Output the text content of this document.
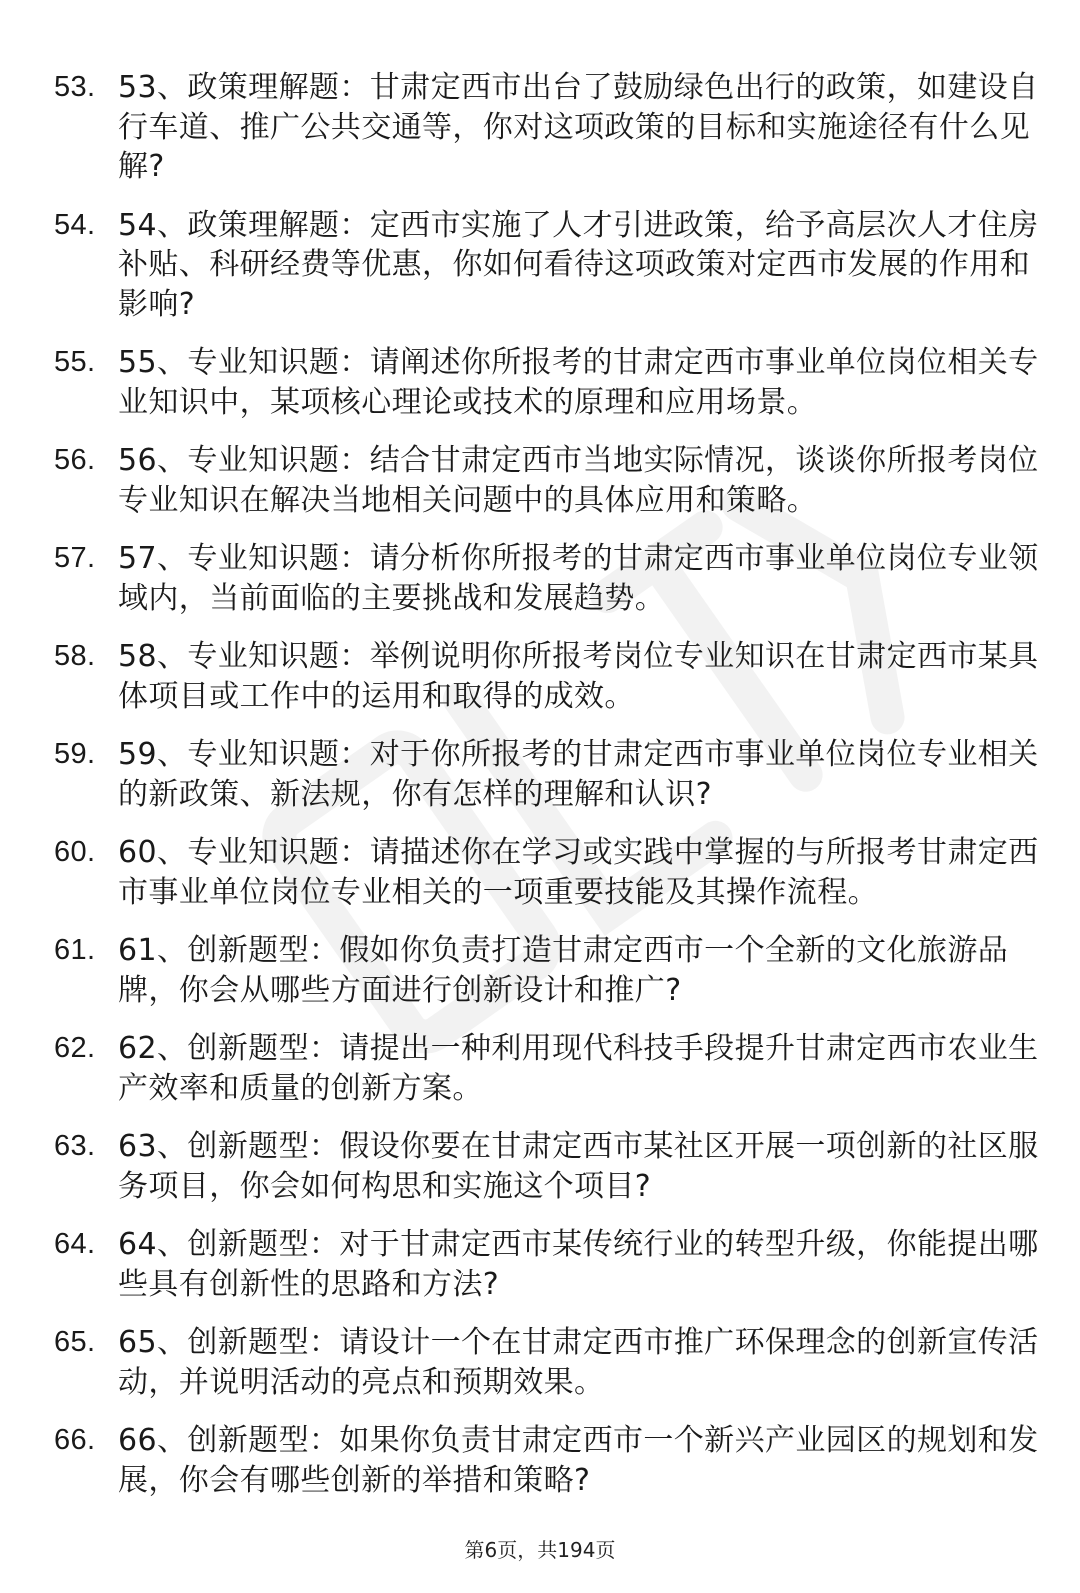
53. 53、政策理解题：甘肃定西市出台了鼓励绿色出行的政策，如建设自行车道、推广公共交通等，你对这项政策的目标和实施途径有什么见解?
54. 54、政策理解题：定西市实施了人才引进政策，给予高层次人才住房补贴、科研经费等优惠，你如何看待这项政策对定西市发展的作用和影响?
55. 55、专业知识题：请阐述你所报考的甘肃定西市事业单位岗位相关专业知识中，某项核心理论或技术的原理和应用场景。
56. 56、专业知识题：结合甘肃定西市当地实际情况，谈谈你所报考岗位专业知识在解决当地相关问题中的具体应用和策略。
57. 57、专业知识题：请分析你所报考的甘肃定西市事业单位岗位专业领域内，当前面临的主要挑战和发展趋势。
58. 58、专业知识题：举例说明你所报考岗位专业知识在甘肃定西市某具体项目或工作中的运用和取得的成效。
59. 59、专业知识题：对于你所报考的甘肃定西市事业单位岗位专业相关的新政策、新法规，你有怎样的理解和认识?
60. 60、专业知识题：请描述你在学习或实践中掌握的与所报考甘肃定西市事业单位岗位专业相关的一项重要技能及其操作流程。
61. 61、创新题型：假如你负责打造甘肃定西市一个全新的文化旅游品牌，你会从哪些方面进行创新设计和推广?
62. 62、创新题型：请提出一种利用现代科技手段提升甘肃定西市农业生产效率和质量的创新方案。
63. 63、创新题型：假设你要在甘肃定西市某社区开展一项创新的社区服务项目，你会如何构思和实施这个项目?
64. 64、创新题型：对于甘肃定西市某传统行业的转型升级，你能提出哪些具有创新性的思路和方法?
65. 65、创新题型：请设计一个在甘肃定西市推广环保理念的创新宣传活动，并说明活动的亮点和预期效果。
66. 66、创新题型：如果你负责甘肃定西市一个新兴产业园区的规划和发展，你会有哪些创新的举措和策略?
第6页，共194页
